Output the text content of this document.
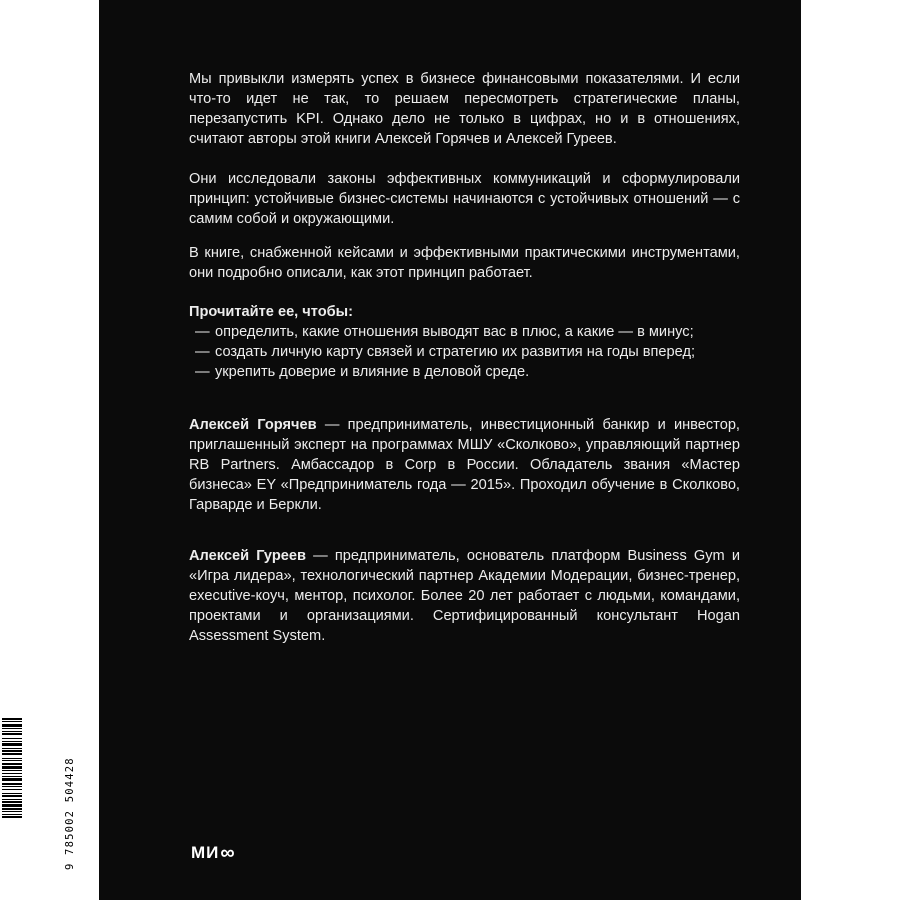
Мы привыкли измерять успех в бизнесе финансовыми показателями. И если что-то идет не так, то решаем пересмотреть стратегические планы, перезапустить KPI. Однако дело не только в цифрах, но и в отношениях, считают авторы этой книги Алексей Горячев и Алексей Гуреев.

Они исследовали законы эффективных коммуникаций и сформулировали принцип: устойчивые бизнес-системы начинаются с устойчивых отношений — с самим собой и окружающими.

В книге, снабженной кейсами и эффективными практическими инструментами, они подробно описали, как этот принцип работает.

Прочитайте ее, чтобы:

— определить, какие отношения выводят вас в плюс, а какие — в минус;
— создать личную карту связей и стратегию их развития на годы вперед;
— укрепить доверие и влияние в деловой среде.

Алексей Горячев — предприниматель, инвестиционный банкир и инвестор, приглашенный эксперт на программах МШУ «Сколково», управляющий партнер RB Partners. Амбассадор в Corp в России. Обладатель звания «Мастер бизнеса» EY «Предприниматель года — 2015». Проходил обучение в Сколково, Гарварде и Беркли.

Алексей Гуреев — предприниматель, основатель платформ Business Gym и «Игра лидера», технологический партнер Академии Модерации, бизнес-тренер, executive-коуч, ментор, психолог. Более 20 лет работает с людьми, командами, проектами и организациями. Сертифицированный консультант Hogan Assessment System.

МИ ∞
9 785002 504428
